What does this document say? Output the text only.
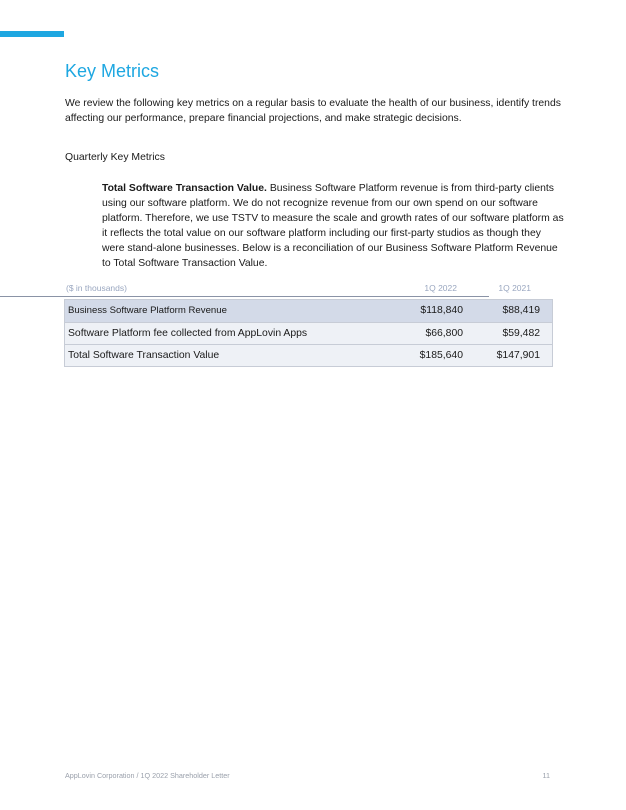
Key Metrics

We review the following key metrics on a regular basis to evaluate the health of our business, identify trends affecting our performance, prepare financial projections, and make strategic decisions.

Quarterly Key Metrics

Total Software Transaction Value. Business Software Platform revenue is from third-party clients using our software platform. We do not recognize revenue from our own spend on our software platform. Therefore, we use TSTV to measure the scale and growth rates of our software platform as it reflects the total value on our software platform including our first-party studios as though they were stand-alone businesses. Below is a reconciliation of our Business Software Platform Revenue to Total Software Transaction Value.

($ in thousands)	1Q 2022	1Q 2021
Business Software Platform Revenue	$118,840	$88,419
Software Platform fee collected from AppLovin Apps	$66,800	$59,482
Total Software Transaction Value	$185,640	$147,901
AppLovin Corporation / 1Q 2022 Shareholder Letter	11
